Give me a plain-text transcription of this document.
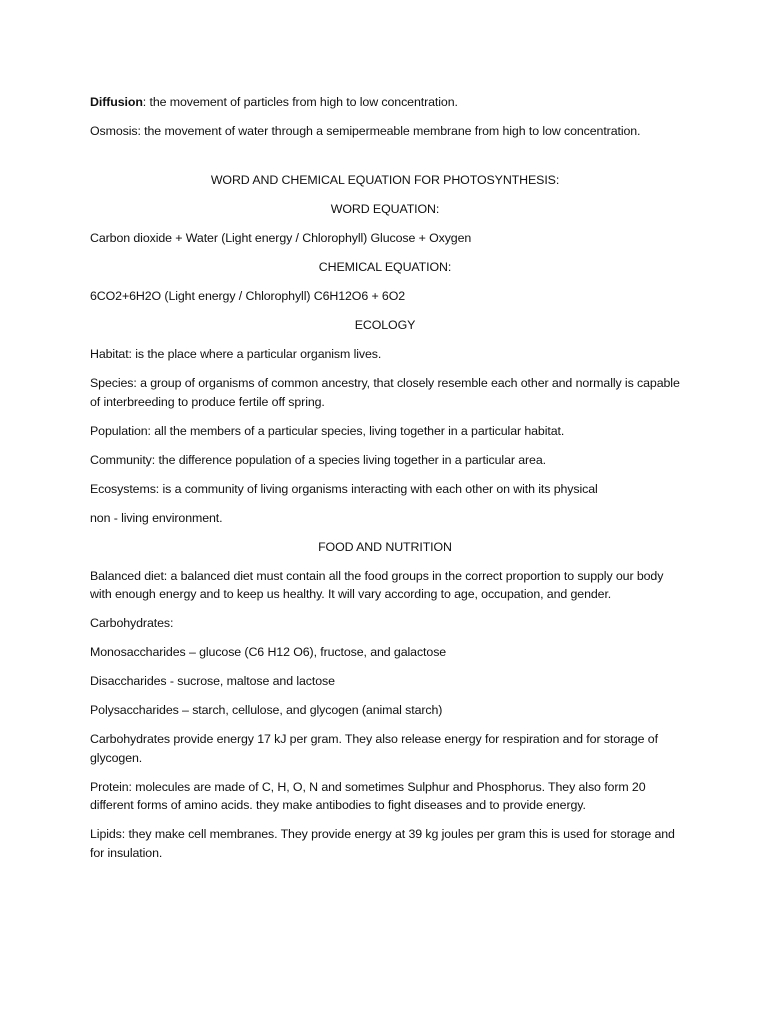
Diffusion: the movement of particles from high to low concentration.

Osmosis: the movement of water through a semipermeable membrane from high to low concentration.

WORD AND CHEMICAL EQUATION FOR PHOTOSYNTHESIS:

WORD EQUATION:

Carbon dioxide + Water (Light energy / Chlorophyll) Glucose + Oxygen

CHEMICAL EQUATION:

6CO2+6H2O (Light energy / Chlorophyll) C6H12O6 + 6O2

ECOLOGY

Habitat: is the place where a particular organism lives.

Species: a group of organisms of common ancestry, that closely resemble each other and normally is capable of interbreeding to produce fertile off spring.

Population: all the members of a particular species, living together in a particular habitat.

Community: the difference population of a species living together in a particular area.

Ecosystems: is a community of living organisms interacting with each other on with its physical

non - living environment.

FOOD AND NUTRITION

Balanced diet: a balanced diet must contain all the food groups in the correct proportion to supply our body with enough energy and to keep us healthy. It will vary according to age, occupation, and gender.

Carbohydrates:

Monosaccharides – glucose (C6 H12 O6), fructose, and galactose

Disaccharides - sucrose, maltose and lactose

Polysaccharides – starch, cellulose, and glycogen (animal starch)

Carbohydrates provide energy 17 kJ per gram. They also release energy for respiration and for storage of glycogen.

Protein: molecules are made of C, H, O, N and sometimes Sulphur and Phosphorus. They also form 20 different forms of amino acids. they make antibodies to fight diseases and to provide energy.

Lipids: they make cell membranes. They provide energy at 39 kg joules per gram this is used for storage and for insulation.
